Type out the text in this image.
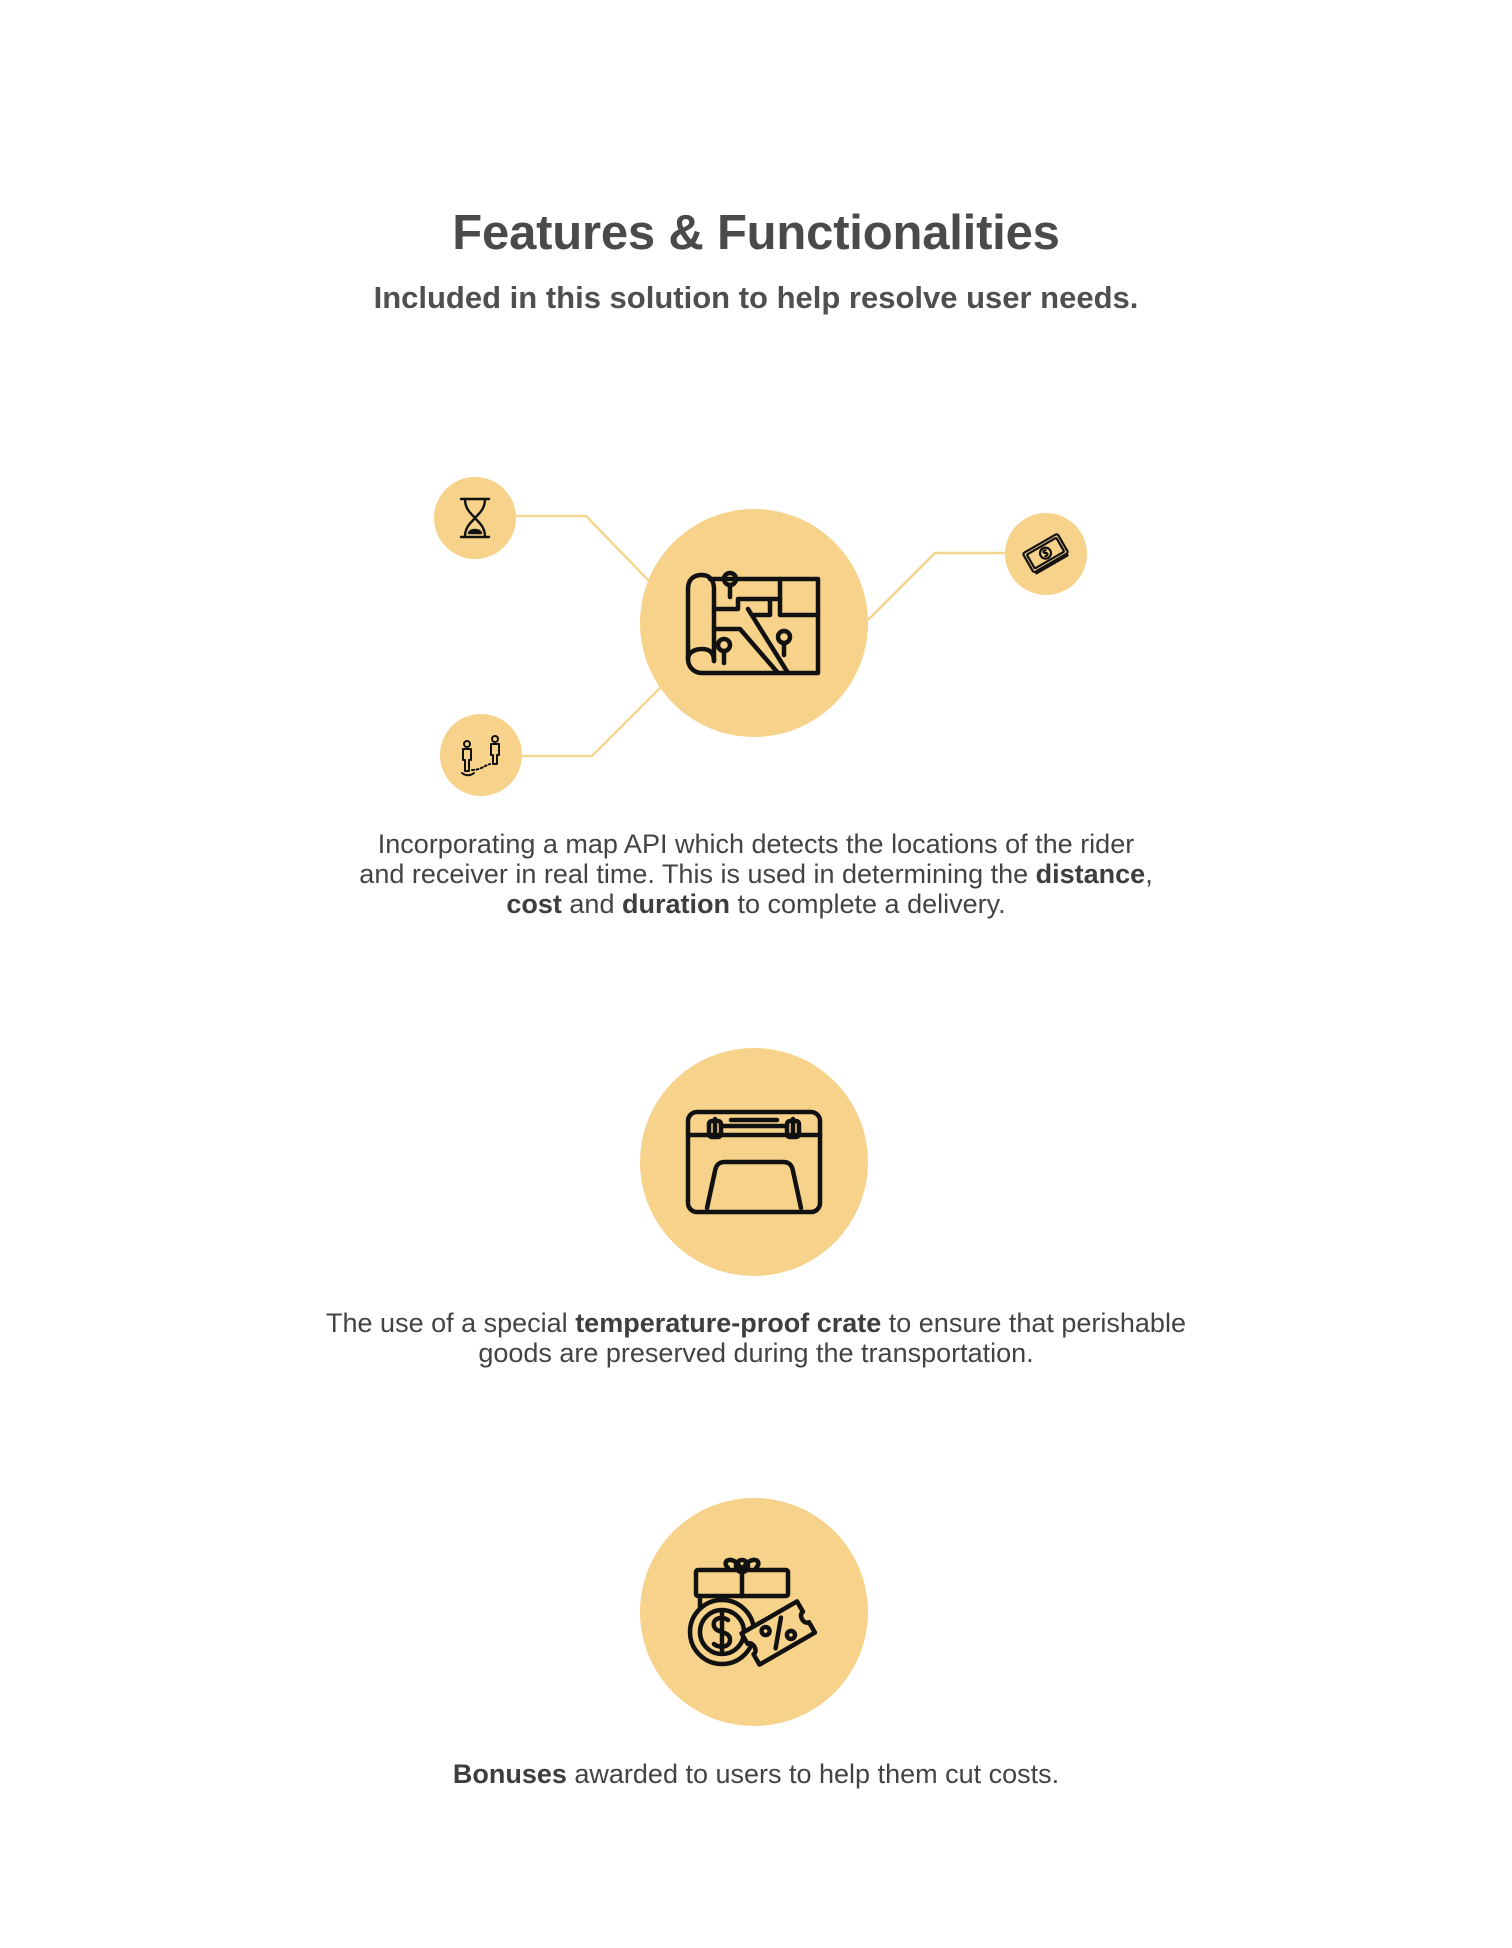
Features & Functionalities

Included in this solution to help resolve user needs.

Incorporating a map API which detects the locations of the rider
and receiver in real time. This is used in determining the distance,
cost and duration to complete a delivery.
The use of a special temperature-proof crate to ensure that perishable
goods are preserved during the transportation.
Bonuses awarded to users to help them cut costs.
